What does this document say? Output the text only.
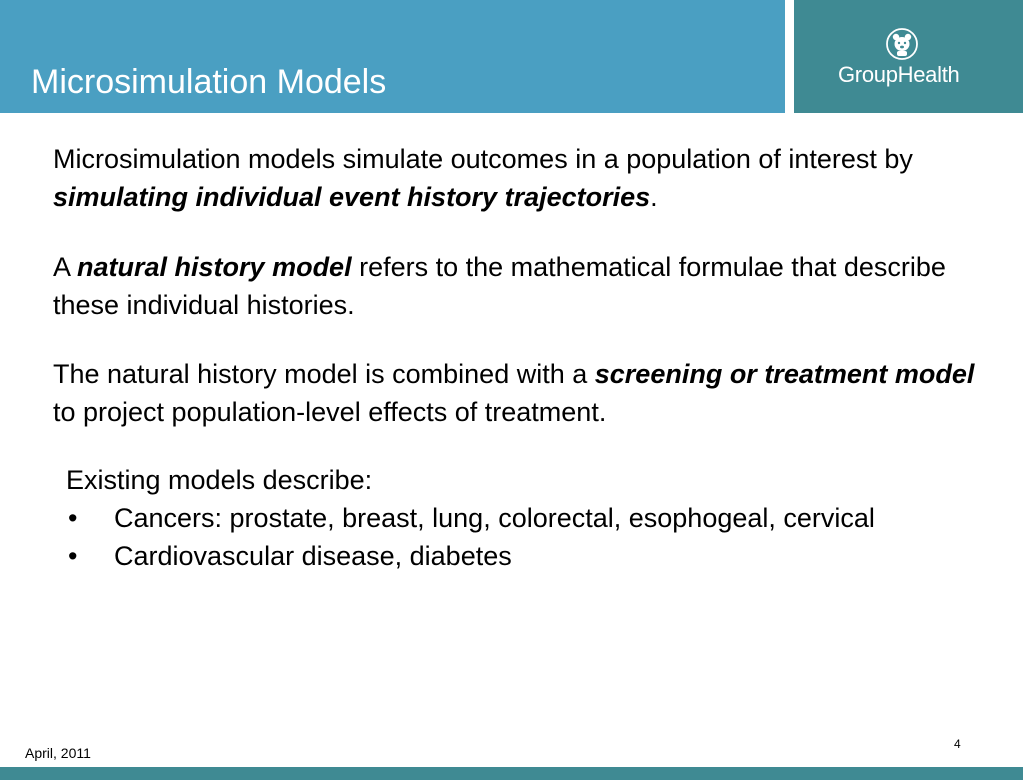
Microsimulation Models	GroupHealth

Microsimulation models simulate outcomes in a population of interest by simulating individual event history trajectories.

A natural history model refers to the mathematical formulae that describe these individual histories.

The natural history model is combined with a screening or treatment model to project population-level effects of treatment.

Existing models describe:
• Cancers: prostate, breast, lung, colorectal, esophogeal, cervical
• Cardiovascular disease, diabetes
April, 2011
4
